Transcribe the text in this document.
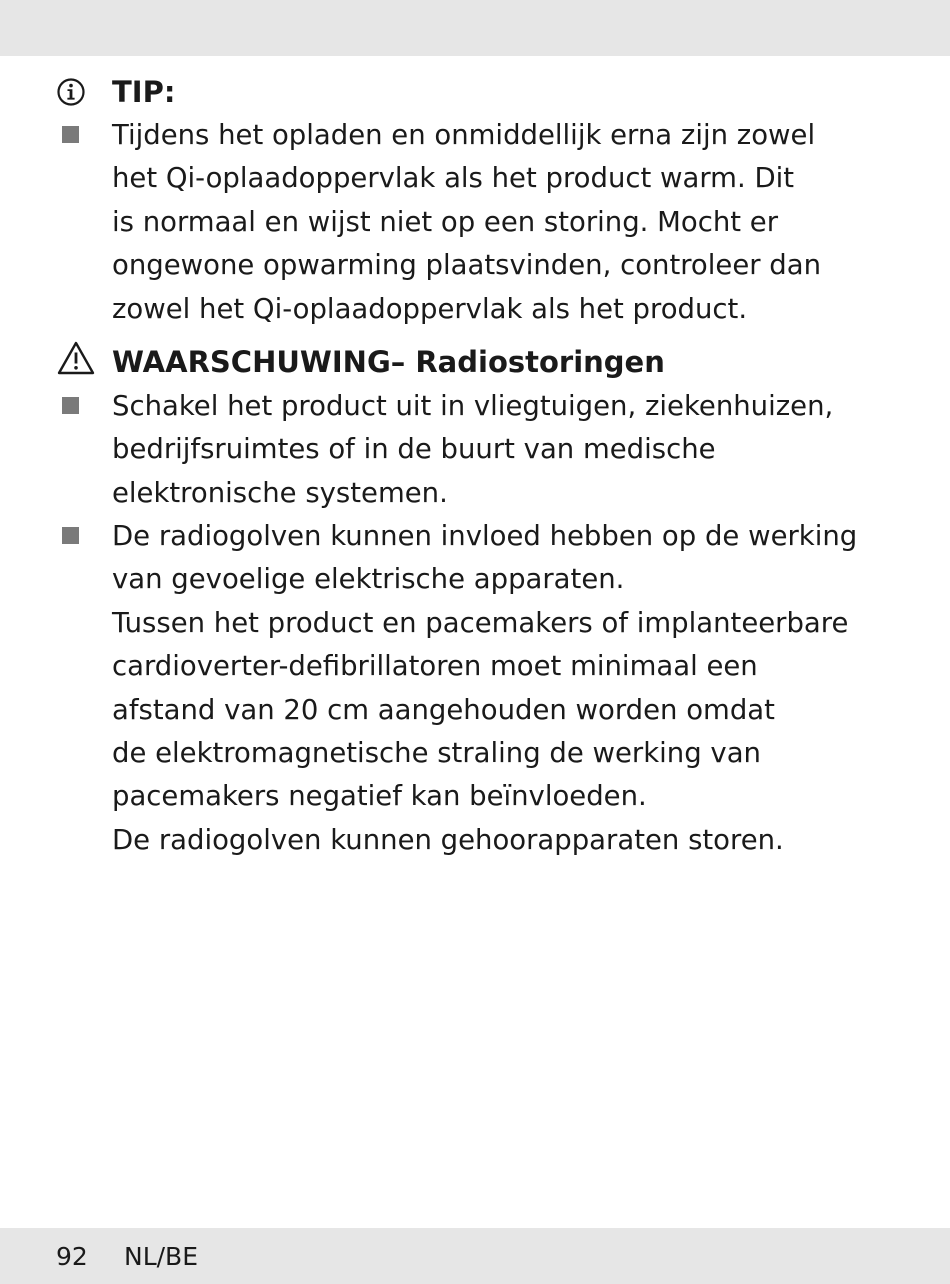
TIP:
Tijdens het opladen en onmiddellijk erna zijn zowel
het Qi-oplaadoppervlak als het product warm. Dit
is normaal en wijst niet op een storing. Mocht er
ongewone opwarming plaatsvinden, controleer dan
zowel het Qi-oplaadoppervlak als het product.
WAARSCHUWING– Radiostoringen
Schakel het product uit in vliegtuigen, ziekenhuizen,
bedrijfsruimtes of in de buurt van medische
elektronische systemen.
De radiogolven kunnen invloed hebben op de werking
van gevoelige elektrische apparaten.
Tussen het product en pacemakers of implanteerbare
cardioverter-defibrillatoren moet minimaal een
afstand van 20 cm aangehouden worden omdat
de elektromagnetische straling de werking van
pacemakers negatief kan beïnvloeden.
De radiogolven kunnen gehoorapparaten storen.
92 NL/BE
